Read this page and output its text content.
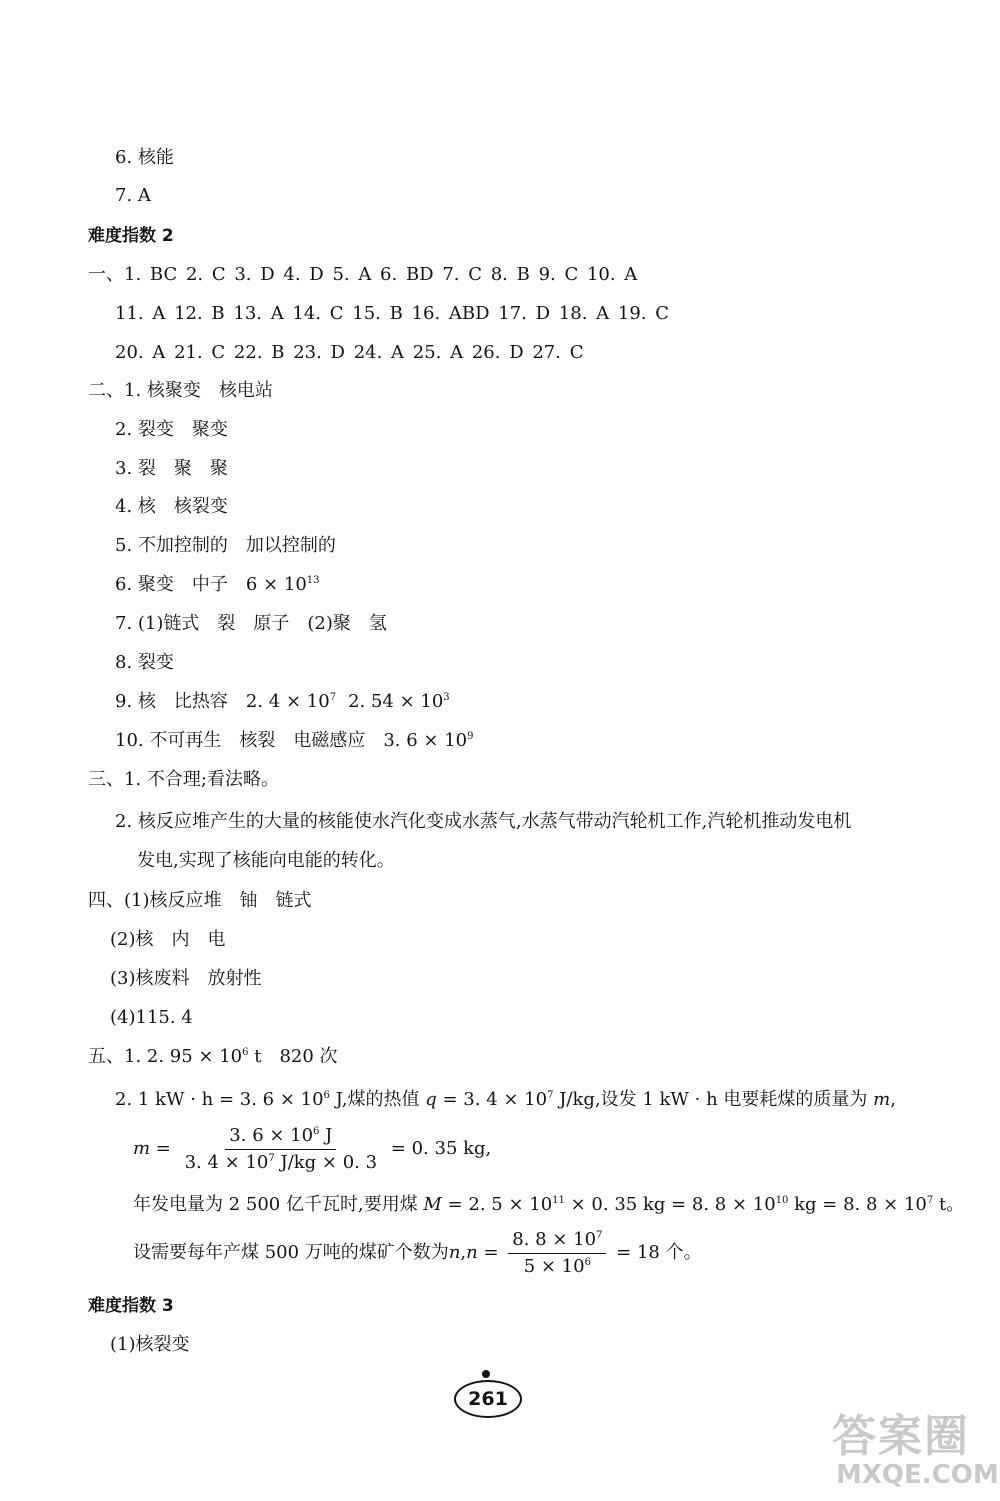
6. 核能
7. A
难度指数 2
一、1. BC 2. C 3. D 4. D 5. A 6. BD 7. C 8. B 9. C 10. A
11. A 12. B 13. A 14. C 15. B 16. ABD 17. D 18. A 19. C
20. A 21. C 22. B 23. D 24. A 25. A 26. D 27. C
二、1. 核聚变　核电站
2. 裂变　聚变
3. 裂　聚　聚
4. 核　核裂变
5. 不加控制的　加以控制的
6. 聚变　中子　$6 \times 10^{13}$
7. (1)链式　裂　原子　(2)聚　氢
8. 裂变
9. 核　比热容　2. $4 \times 10^7$ 2. $54 \times 10^3$
10. 不可再生　核裂　电磁感应　3. $6 \times 10^9$
三、1. 不合理;看法略。
2. 核反应堆产生的大量的核能使水汽化变成水蒸气,水蒸气带动汽轮机工作,汽轮机推动发电机
发电,实现了核能向电能的转化。
四、(1)核反应堆　铀　链式
(2)核　内　电
(3)核废料　放射性
(4)115. 4
五、1. 2. $95 \times 10^6$ t　820 次
2. 1 kW · h = 3. $6 \times 10^6$ J,煤的热值 q = 3. $4 \times 10^7$ J/kg,设发 1 kW · h 电要耗煤的质量为 m,
$m = \frac{3. 6 \times 10^6 J}{3. 4 \times 10^7 J/kg \times 0. 3} = 0$. 35 kg,
年发电量为 2 500 亿千瓦时,要用煤 M = 2. $5 \times 10^{11} \times 0$. 35 kg = 8. $8 \times 10^{10}$ kg = 8. $8 \times 10^7$ t。
设需要每年产煤 500 万吨的煤矿个数为 n , $n = \frac{8. 8 \times 10^7}{5 \times 10^6} = 18$ 个。
难度指数 3
(1)核裂变
261
答案圈
MXQE.COM
